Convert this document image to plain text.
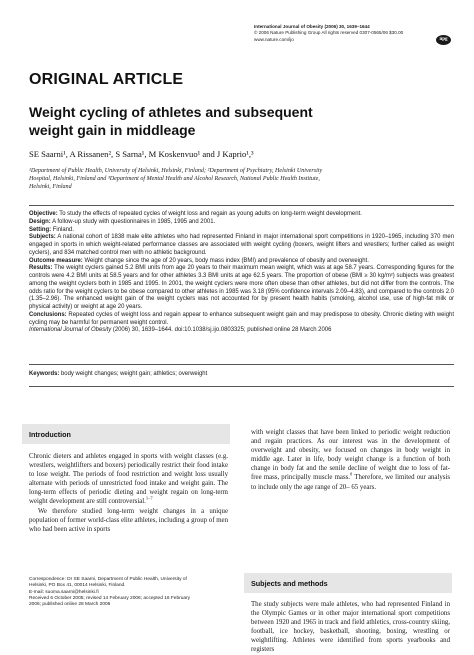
International Journal of Obesity (2006) 30, 1639–1644
© 2006 Nature Publishing Group All rights reserved 0307-0565/06 $30.00
www.nature.com/ijo	npg
ORIGINAL ARTICLE
Weight cycling of athletes and subsequent
weight gain in middleage
SE Saarni¹, A Rissanen², S Sarna¹, M Koskenvuo¹ and J Kaprio¹,³
¹Department of Public Health, University of Helsinki, Helsinki, Finland; ²Department of Psychiatry, Helsinki University
Hospital, Helsinki, Finland and ³Department of Mental Health and Alcohol Research, National Public Health Institute,
Helsinki, Finland
Objective: To study the effects of repeated cycles of weight loss and regain as young adults on long-term weight development.
Design: A follow-up study with questionnaires in 1985, 1995 and 2001.
Setting: Finland.
Subjects: A national cohort of 1838 male elite athletes who had represented Finland in major international sport competitions in 1920–1965, including 370 men engaged in sports in which weight-related performance classes are associated with weight cycling (boxers, weight lifters and wrestlers; further called as weight cyclers), and 834 matched control men with no athletic background.
Outcome measure: Weight change since the age of 20 years, body mass index (BMI) and prevalence of obesity and overweight.
Results: The weight cyclers gained 5.2 BMI units from age 20 years to their maximum mean weight, which was at age 58.7 years. Corresponding figures for the controls were 4.2 BMI units at 58.5 years and for other athletes 3.3 BMI units at age 62.5 years. The proportion of obese (BMI ≥ 30 kg/m²) subjects was greatest among the weight cyclers both in 1985 and 1995. In 2001, the weight cyclers were more often obese than other athletes, but did not differ from the controls. The odds ratio for the weight cyclers to be obese compared to other athletes in 1985 was 3.18 (95% confidence intervals 2.09–4.83), and compared to the controls 2.0 (1.35–2.96). The enhanced weight gain of the weight cyclers was not accounted for by present health habits (smoking, alcohol use, use of high-fat milk or physical activity) or weight at age 20 years.
Conclusions: Repeated cycles of weight loss and regain appear to enhance subsequent weight gain and may predispose to obesity. Chronic dieting with weight cycling may be harmful for permanent weight control.
International Journal of Obesity (2006) 30, 1639–1644. doi:10.1038/sj.ijo.0803325; published online 28 March 2006
Keywords: body weight changes; weight gain; athletics; overweight
Introduction

Chronic dieters and athletes engaged in sports with weight classes (e.g. wrestlers, weightlifters and boxers) periodically restrict their food intake to lose weight. The periods of food restriction and weight loss usually alternate with periods of unrestricted food intake and weight gain. The long-term effects of periodic dieting and weight regain on long-term weight development are still controversial.$^{1-7}$

We therefore studied long-term weight changes in a unique population of former world-class elite athletes, including a group of men who had been active in sports

Correspondence: Dr SE Saarni, Department of Public Health, University of
Helsinki, PO Box 41, 00014 Helsinki, Finland.
E-mail: suoma.saarni@helsinki.fi
Received 6 October 2005; revised 14 February 2006; accepted 16 February
2006; published online 28 March 2006

with weight classes that have been linked to periodic weight reduction and regain practices. As our interest was in the development of overweight and obesity, we focused on changes in body weight in middle age. Later in life, body weight change is a function of both change in body fat and the senile decline of weight due to loss of fat-free mass, principally muscle mass.$^8$ Therefore, we limited our analysis to include only the age range of 20– 65 years.

Subjects and methods

The study subjects were male athletes, who had represented Finland in the Olympic Games or in other major international sport competitions between 1920 and 1965 in track and field athletics, cross-country skiing, football, ice hockey, basketball, shooting, boxing, wrestling or weightlifting. Athletes were identified from sports yearbooks and registers
